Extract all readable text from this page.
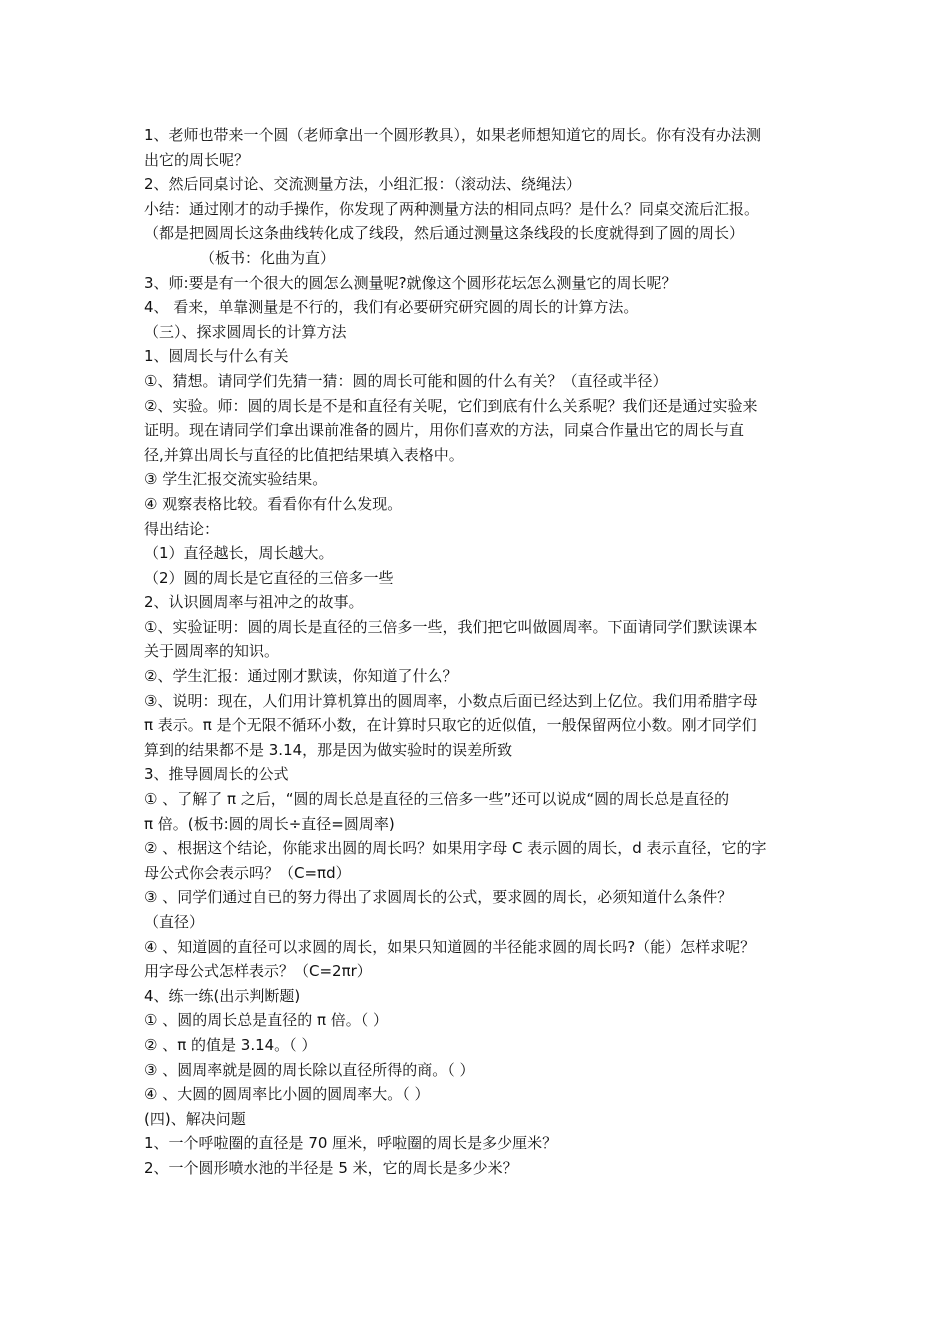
1、老师也带来一个圆（老师拿出一个圆形教具），如果老师想知道它的周长。你有没有办法测
出它的周长呢？
2、然后同桌讨论、交流测量方法，小组汇报：（滚动法、绕绳法）
小结：通过刚才的动手操作，你发现了两种测量方法的相同点吗？是什么？同桌交流后汇报。
（都是把圆周长这条曲线转化成了线段，然后通过测量这条线段的长度就得到了圆的周长）
（板书：化曲为直）
3、师:要是有一个很大的圆怎么测量呢?就像这个圆形花坛怎么测量它的周长呢？
4、 看来，单靠测量是不行的，我们有必要研究研究圆的周长的计算方法。
（三）、探求圆周长的计算方法
1、圆周长与什么有关
①、猜想。请同学们先猜一猜：圆的周长可能和圆的什么有关？（直径或半径）
②、实验。师：圆的周长是不是和直径有关呢，它们到底有什么关系呢？我们还是通过实验来
证明。现在请同学们拿出课前准备的圆片，用你们喜欢的方法，同桌合作量出它的周长与直
径,并算出周长与直径的比值把结果填入表格中。
③ 学生汇报交流实验结果。
④ 观察表格比较。看看你有什么发现。
得出结论：
（1）直径越长，周长越大。
（2）圆的周长是它直径的三倍多一些
2、认识圆周率与祖冲之的故事。
①、实验证明：圆的周长是直径的三倍多一些，我们把它叫做圆周率。下面请同学们默读课本
关于圆周率的知识。
②、学生汇报：通过刚才默读，你知道了什么？
③、说明：现在，人们用计算机算出的圆周率，小数点后面已经达到上亿位。我们用希腊字母
π 表示。π 是个无限不循环小数，在计算时只取它的近似值，一般保留两位小数。刚才同学们
算到的结果都不是 3.14，那是因为做实验时的误差所致
3、推导圆周长的公式
① 、了解了 π 之后，“圆的周长总是直径的三倍多一些”还可以说成“圆的周长总是直径的
π 倍。(板书:圆的周长÷直径=圆周率)
② 、根据这个结论，你能求出圆的周长吗？如果用字母 C 表示圆的周长，d 表示直径，它的字
母公式你会表示吗？（C=πd）
③ 、同学们通过自已的努力得出了求圆周长的公式，要求圆的周长，必须知道什么条件？
（直径）
④ 、知道圆的直径可以求圆的周长，如果只知道圆的半径能求圆的周长吗?（能）怎样求呢？
用字母公式怎样表示？（C=2πr）
4、练一练(出示判断题)
① 、圆的周长总是直径的 π 倍。（ ）
② 、π 的值是 3.14。（ ）
③ 、圆周率就是圆的周长除以直径所得的商。（ ）
④ 、大圆的圆周率比小圆的圆周率大。（ ）
(四)、解决问题
1、一个呼啦圈的直径是 70 厘米，呼啦圈的周长是多少厘米？
2、一个圆形喷水池的半径是 5 米，它的周长是多少米？
